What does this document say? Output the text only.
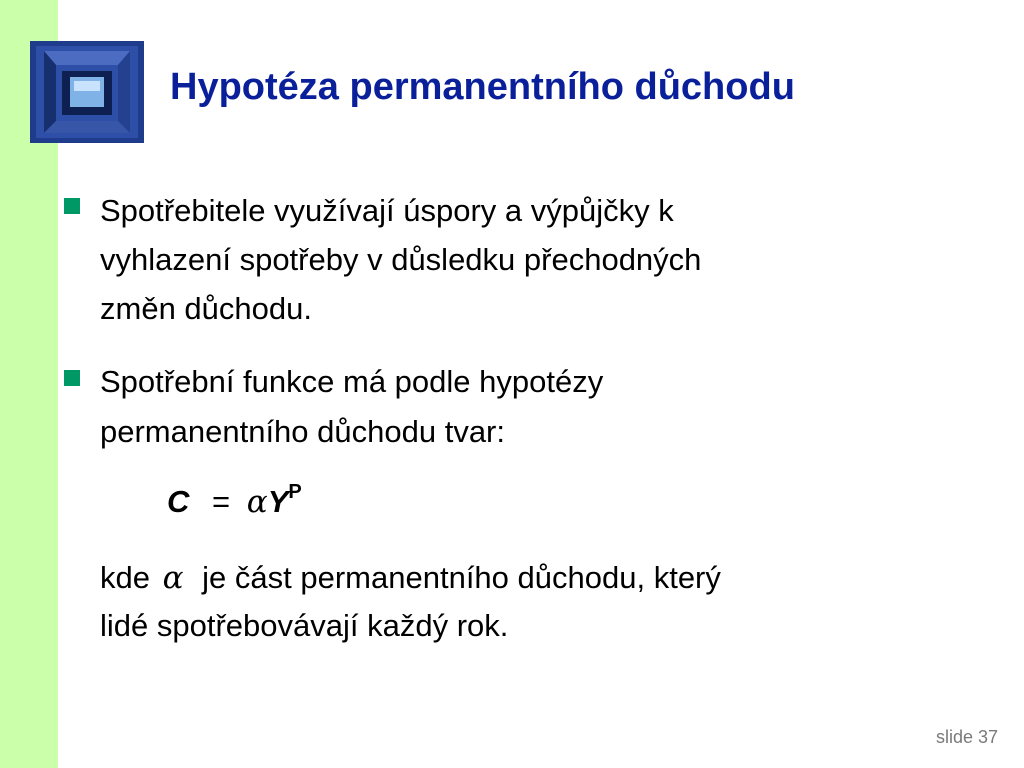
Hypotéza permanentního důchodu
Spotřebitele využívají úspory a výpůjčky k
vyhlazení spotřeby v důsledku přechodných
změn důchodu.
Spotřební funkce má podle hypotézy
permanentního důchodu tvar:
$C = \alpha Y^P$
kde α je část permanentního důchodu, který
lidé spotřebovávají každý rok.
slide 37
